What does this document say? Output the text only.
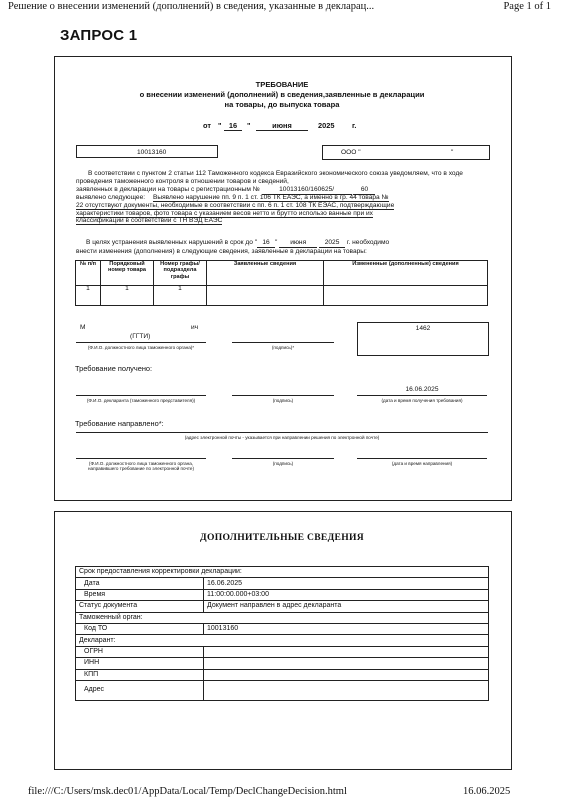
Решение о внесении изменений (дополнений) в сведения, указанные в декларац...	Page 1 of 1
ЗАПРОС 1
ТРЕБОВАНИЕ
о внесении изменений (дополнений) в сведения,заявленные в декларации
на товары, до выпуска товара
от " 16	"	июня	2025 г.
10013160	ООО "	"
В соответствии с пунктом 2 статьи 112 Таможенного кодекса Евразийского экономического союза уведомляем, что в ходе проведения таможенного контроля в отношении товаров и сведений,
заявленных в декларации на товары с регистрационным №	10013160/160625/	60
выявлено следующее: Выявлено нарушение пп. 9 п. 1 ст. 106 ТК ЕАЭС, а именно в гр. 44 товара №
22 отсутствуют документы, необходимые в соответствии с пп. 6 п. 1 ст. 108 ТК ЕЭАС, подтверждающие
характеристики товаров, фото товара с указанием весов нетто и брутто использо ванные при их
классификации в соответствии с ТН ВЭД ЕАЭС
В целях устранения выявленных нарушений в срок до " 16 " июня	2025 г. необходимо
внести изменения (дополнения) в следующие сведения, заявленные в декларации на товары:
№ п/п	Порядковый номер товара	Номер графы/ подраздела графы	Заявленные сведения	Измененные (дополненные) сведения
1	1	1		
М	ич
(ГГТИ)
(Ф.И.О. должностного лица таможенного органа)*	(подпись)*
1462
Требование получено:
16.06.2025
(Ф.И.О. декларанта (таможенного представителя))	(подпись)	(дата и время получения требования)
Требование направлено*:
(адрес электронной почты - указывается при направлении решения по электронной почте)
(Ф.И.О. должностного лица таможенного органа, направившего требование по электронной почте)
(подпись)	(дата и время направления)
ДОПОЛНИТЕЛЬНЫЕ СВЕДЕНИЯ
Срок предоставления корректировки декларации:	
Дата	16.06.2025
Время	11:00:00.000+03:00
Статус документа	Документ направлен в адрес декларанта
Таможенный орган:	
Код ТО	10013160
Декларант:	
ОГРН	
ИНН	
КПП	
Адрес	
file:///C:/Users/msk.dec01/AppData/Local/Temp/DeclChangeDecision.html	16.06.2025
